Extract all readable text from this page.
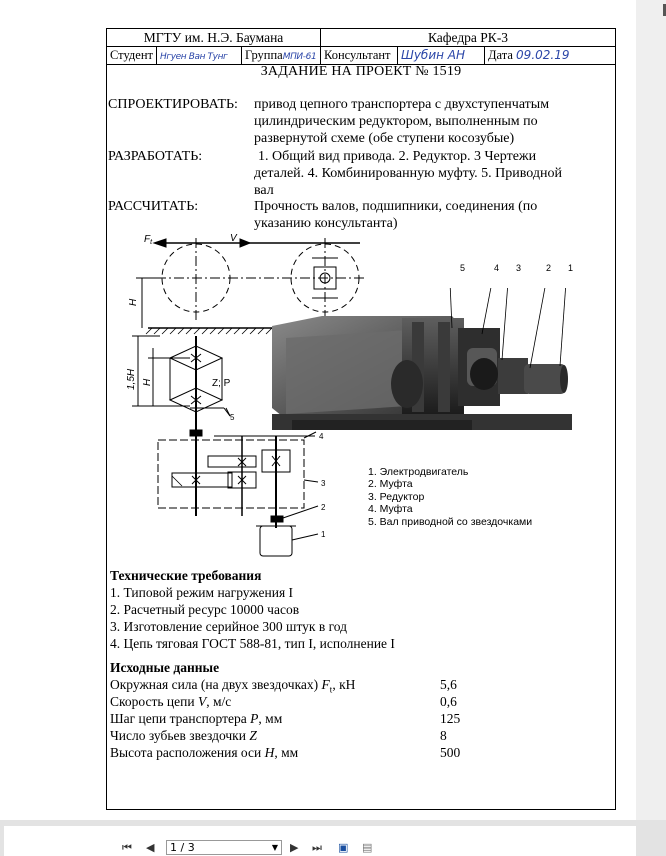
МГТУ им. Н.Э. Баумана			Кафедра РК-3		
Студент	Нгуен Ван Тунг	ГруппаМПИ-61	Консультант	Шубин АН	Дата 09.02.19
ЗАДАНИЕ НА ПРОЕКТ № 1519
СПРОЕКТИРОВАТЬ: привод цепного транспортера с двухступенчатым
цилиндрическим редуктором, выполненным по
развернутой схеме (обе ступени косозубые)
РАЗРАБОТАТЬ:	1. Общий вид привода. 2. Редуктор. 3 Чертежи
деталей. 4. Комбинированную муфту. 5. Приводной
вал
РАССЧИТАТЬ:	Прочность валов, подшипники, соединения (по
указанию консультанта)
$F_t$	V
H
1,5H H	Z; P
5
4
3
2
1
5	4 3	2 1
1. Электродвигатель
2. Муфта
3. Редуктор
4. Муфта
5. Вал приводной со звездочками
Технические требования
1. Типовой режим нагружения I
2. Расчетный ресурс 10000 часов
3. Изготовление серийное 300 штук в год
4. Цепь тяговая ГОСТ 588-81, тип I, исполнение I
Исходные данные
Окружная сила (на двух звездочках) $F_t$, кН	5,6
Скорость цепи V, м/с	0,6
Шаг цепи транспортера P, мм	125
Число зубьев звездочки Z	8
Высота расположения оси H, мм	500
⏮ ◀	▶ ⏭ ▣ ▤
1 / 3	▼
